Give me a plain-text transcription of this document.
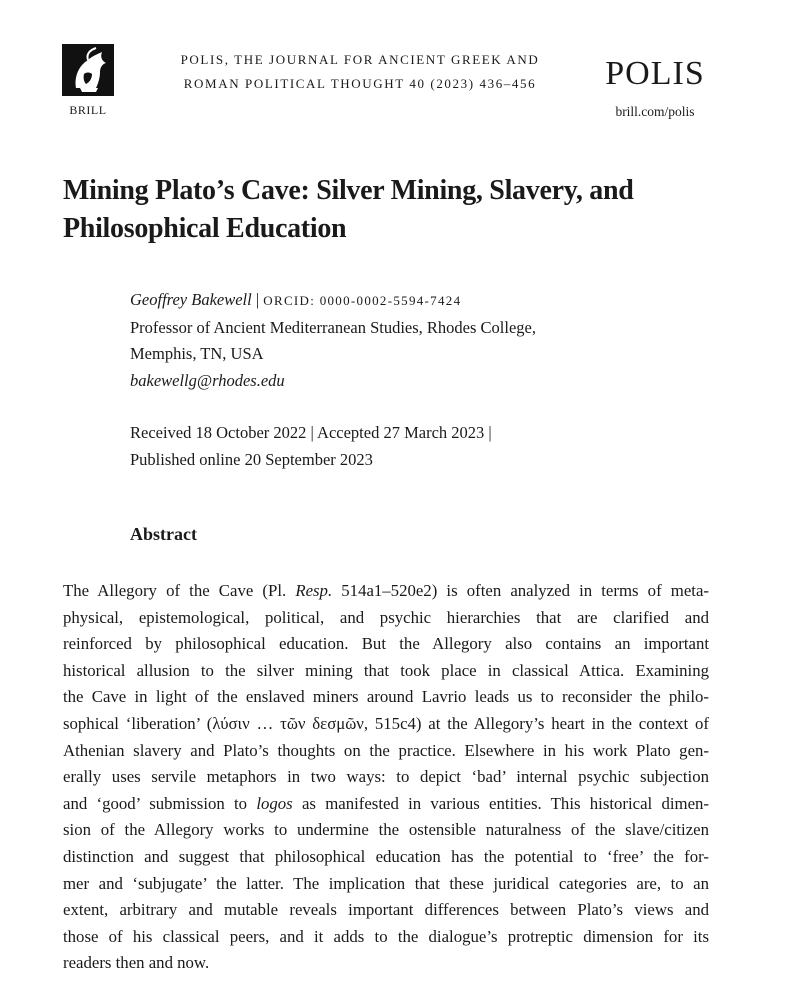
BRILL
POLIS, THE JOURNAL FOR ANCIENT GREEK AND
ROMAN POLITICAL THOUGHT 40 (2023) 436–456	POLIS
brill.com/polis
Mining Plato’s Cave: Silver Mining, Slavery, and Philosophical Education
Geoffrey Bakewell | ORCID: 0000-0002-5594-7424
Professor of Ancient Mediterranean Studies, Rhodes College,
Memphis, TN, USA
bakewellg@rhodes.edu
Received 18 October 2022 | Accepted 27 March 2023 |
Published online 20 September 2023
Abstract

The Allegory of the Cave (Pl. Resp. 514a1–520e2) is often analyzed in terms of meta-
physical, epistemological, political, and psychic hierarchies that are clarified and
reinforced by philosophical education. But the Allegory also contains an important
historical allusion to the silver mining that took place in classical Attica. Examining
the Cave in light of the enslaved miners around Lavrio leads us to reconsider the philo-
sophical ‘liberation’ (λύσιν … τῶν δεσμῶν, 515c4) at the Allegory’s heart in the context of
Athenian slavery and Plato’s thoughts on the practice. Elsewhere in his work Plato gen-
erally uses servile metaphors in two ways: to depict ‘bad’ internal psychic subjection
and ‘good’ submission to logos as manifested in various entities. This historical dimen-
sion of the Allegory works to undermine the ostensible naturalness of the slave/citizen
distinction and suggest that philosophical education has the potential to ‘free’ the for-
mer and ‘subjugate’ the latter. The implication that these juridical categories are, to an
extent, arbitrary and mutable reveals important differences between Plato’s views and
those of his classical peers, and it adds to the dialogue’s protreptic dimension for its
readers then and now.
